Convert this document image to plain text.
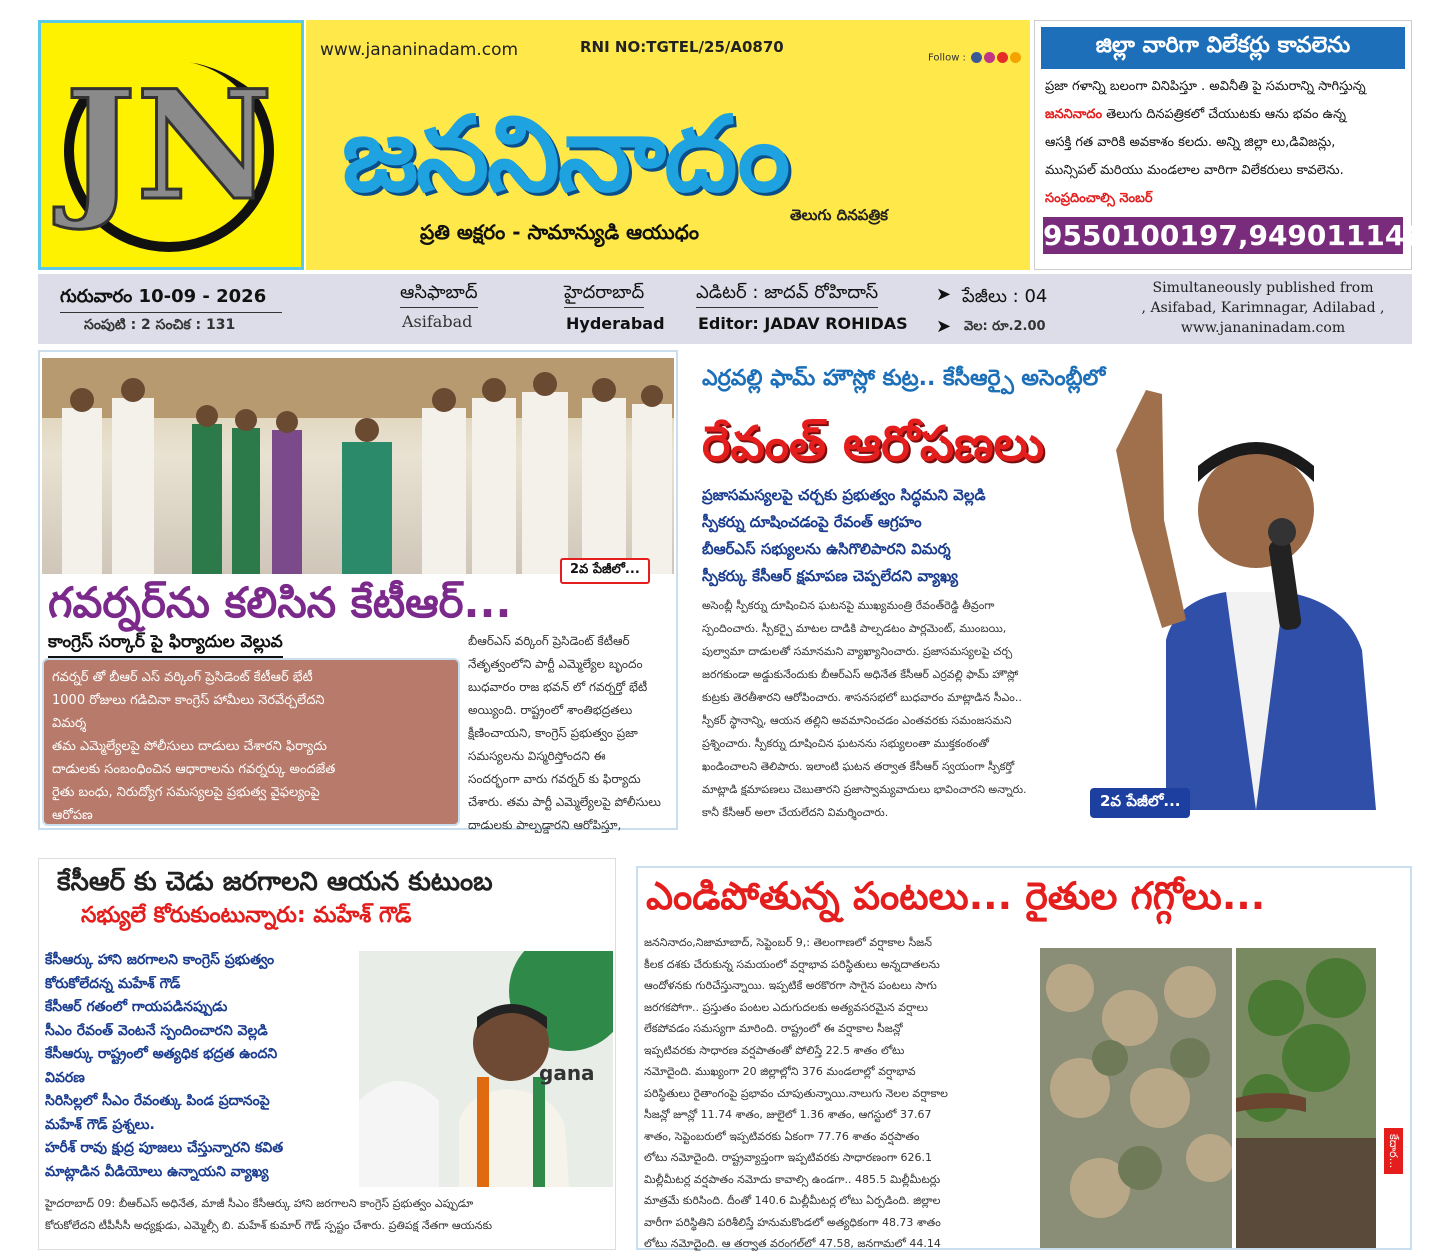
JN
www.jananinadam.com	RNI NO:TGTEL/25/A0870
Follow :
జననినాదం
ప్రతి అక్షరం - సామాన్యుడి ఆయుధం
తెలుగు దినపత్రిక
జిల్లా వారిగా విలేకర్లు కావలెను
ప్రజా గళాన్ని బలంగా వినిపిస్తూ . అవినీతి పై సమరాన్ని సాగిస్తున్న
జననినాదం తెలుగు దినపత్రికలో చేయుటకు ఆను భవం ఉన్న
ఆసక్తి గత వారికి అవకాశం కలదు. అన్ని జిల్లా లు,డివిజన్లు,
మున్సిపల్ మరియు మండలాల వారిగా విలేకరులు కావలెను.
సంప్రదించాల్సి నెంబర్
9550100197,9490111460
గురువారం 10-09 - 2026
సంపుటి : 2 సంచిక : 131
ఆసిఫాబాద్
Asifabad
హైదరాబాద్
Hyderabad
ఎడిటర్ : జాదవ్ రోహిదాస్
Editor: JADAV ROHIDAS
➤ పేజీలు : 04
➤ వెల: రూ.2.00
Simultaneously published from
, Asifabad, Karimnagar, Adilabad ,
www.jananinadam.com
2వ పేజీలో...
గవర్నర్‌ను కలిసిన కేటీఆర్...
కాంగ్రెస్ సర్కార్ పై ఫిర్యాదుల వెల్లువ
గవర్నర్ తో బీఆర్ ఎస్ వర్కింగ్ ప్రెసిడెంట్ కేటీఆర్ భేటీ
1000 రోజులు గడిచినా కాంగ్రెస్ హామీలు నెరవేర్చలేదని
విమర్శ
తమ ఎమ్మెల్యేలపై పోలీసులు దాడులు చేశారని ఫిర్యాదు
దాడులకు సంబంధించిన ఆధారాలను గవర్నర్కు అందజేత
రైతు బంధు, నిరుద్యోగ సమస్యలపై ప్రభుత్వ వైఫల్యంపై
ఆరోపణ
బీఆర్ఎస్ వర్కింగ్ ప్రెసిడెంట్ కేటీఆర్
నేతృత్వంలోని పార్టీ ఎమ్మెల్యేల బృందం
బుధవారం రాజ భవన్ లో గవర్నర్తో భేటీ
అయ్యింది. రాష్ట్రంలో శాంతిభద్రతలు
క్షీణించాయని, కాంగ్రెస్ ప్రభుత్వం ప్రజా
సమస్యలను విస్మరిస్తోందని ఈ
సందర్భంగా వారు గవర్నర్ కు ఫిర్యాదు
చేశారు. తమ పార్టీ ఎమ్మెల్యేలపై పోలీసులు
దాడులకు పాల్పడ్డారని ఆరోపిస్తూ,
ఎర్రవల్లి ఫామ్ హౌస్లో కుట్ర.. కేసీఆర్పై అసెంబ్లీలో
రేవంత్ ఆరోపణలు
ప్రజాసమస్యలపై చర్చకు ప్రభుత్వం సిద్ధమని వెల్లడి
స్పీకర్ను దూషించడంపై రేవంత్ ఆగ్రహం
బీఆర్ఎస్ సభ్యులను ఉసిగొలిపారని విమర్శ
స్పీకర్కు కేసీఆర్ క్షమాపణ చెప్పలేదని వ్యాఖ్య
అసెంబ్లీ స్పీకర్ను దూషించిన ఘటనపై ముఖ్యమంత్రి రేవంత్‌రెడ్డి తీవ్రంగా
స్పందించారు. స్పీకర్పై మాటల దాడికి పాల్పడటం పార్లమెంట్, ముంబయి,
పుల్వామా దాడులతో సమానమని వ్యాఖ్యానించారు. ప్రజాసమస్యలపై చర్చ
జరగకుండా అడ్డుకునేందుకు బీఆర్ఎస్ అధినేత కేసీఆర్ ఎర్రవల్లి ఫామ్ హౌస్లో
కుట్రకు తెరతీశారని ఆరోపించారు. శాసనసభలో బుధవారం మాట్లాడిన సీఎం..
స్పీకర్ స్థానాన్ని, ఆయన తల్లిని అవమానించడం ఎంతవరకు సమంజసమని
ప్రశ్నించారు. స్పీకర్ను దూషించిన ఘటనను సభ్యులంతా ముక్తకంఠంతో
ఖండించాలని తెలిపారు. ఇలాంటి ఘటన తర్వాత కేసీఆర్ స్వయంగా స్పీకర్తో
మాట్లాడి క్షమాపణలు చెబుతారని ప్రజాస్వామ్యవాదులు భావించారని అన్నారు.
కానీ కేసీఆర్ అలా చేయలేదని విమర్శించారు.
2వ పేజీలో...
కేసీఆర్ కు చెడు జరగాలని ఆయన కుటుంబ
సభ్యులే కోరుకుంటున్నారు: మహేశ్ గౌడ్
కేసీఆర్కు హాని జరగాలని కాంగ్రెస్ ప్రభుత్వం
కోరుకోలేదన్న మహేశ్ గౌడ్
కేసీఆర్ గతంలో గాయపడినప్పుడు
సీఎం రేవంత్ వెంటనే స్పందించారని వెల్లడి
కేసీఆర్కు రాష్ట్రంలో అత్యధిక భద్రత ఉందని
వివరణ
సిరిసిల్లలో సీఎం రేవంత్కు పిండ ప్రదానంపై
మహేశ్ గౌడ్ ప్రశ్నలు.
హరీశ్ రావు క్షుద్ర పూజలు చేస్తున్నారని కవిత
మాట్లాడిన వీడియోలు ఉన్నాయని వ్యాఖ్య
gana
హైదరాబాద్ 09: బీఆర్ఎస్ అధినేత, మాజీ సీఎం కేసీఆర్కు హాని జరగాలని కాంగ్రెస్ ప్రభుత్వం ఎప్పుడూ
కోరుకోలేదని టీపీసీసీ అధ్యక్షుడు, ఎమ్మెల్సీ బి. మహేశ్ కుమార్ గౌడ్ స్పష్టం చేశారు. ప్రతిపక్ష నేతగా ఆయనకు
ఎండిపోతున్న పంటలు... రైతుల గగ్గోలు...
జననినాదం,నిజామాబాద్, సెప్టెంబర్ 9,: తెలంగాణలో వర్షాకాల సీజన్
కీలక దశకు చేరుకున్న సమయంలో వర్షాభావ పరిస్థితులు అన్నదాతలను
ఆందోళనకు గురిచేస్తున్నాయి. ఇప్పటికే అరకొరగా సాగైన పంటలు సాగు
జరగకపోగా.. ప్రస్తుతం పంటల ఎదుగుదలకు అత్యవసరమైన వర్షాలు
లేకపోవడం సమస్యగా మారింది. రాష్ట్రంలో ఈ వర్షాకాల సీజన్లో
ఇప్పటివరకు సాధారణ వర్షపాతంతో పోలిస్తే 22.5 శాతం లోటు
నమోదైంది. ముఖ్యంగా 20 జిల్లాల్లోని 376 మండలాల్లో వర్షాభావ
పరిస్థితులు రైతాంగంపై ప్రభావం చూపుతున్నాయి.నాలుగు నెలల వర్షాకాల
సీజన్లో జూన్లో 11.74 శాతం, జులైలో 1.36 శాతం, ఆగస్టులో 37.67
శాతం, సెప్టెంబరులో ఇప్పటివరకు ఏకంగా 77.76 శాతం వర్షపాతం
లోటు నమోదైంది. రాష్ట్రవ్యాప్తంగా ఇప్పటివరకు సాధారణంగా 626.1
మిల్లీమీటర్ల వర్షపాతం నమోదు కావాల్సి ఉండగా.. 485.5 మిల్లీమీటర్లు
మాత్రమే కురిసింది. దీంతో 140.6 మిల్లీమీటర్ల లోటు ఏర్పడింది. జిల్లాల
వారీగా పరిస్థితిని పరిశీలిస్తే హనుమకొండలో అత్యధికంగా 48.73 శాతం
లోటు నమోదైంది. ఆ తర్వాత వరంగల్‌లో 47.58, జనగామలో 44.14
కేదార...
